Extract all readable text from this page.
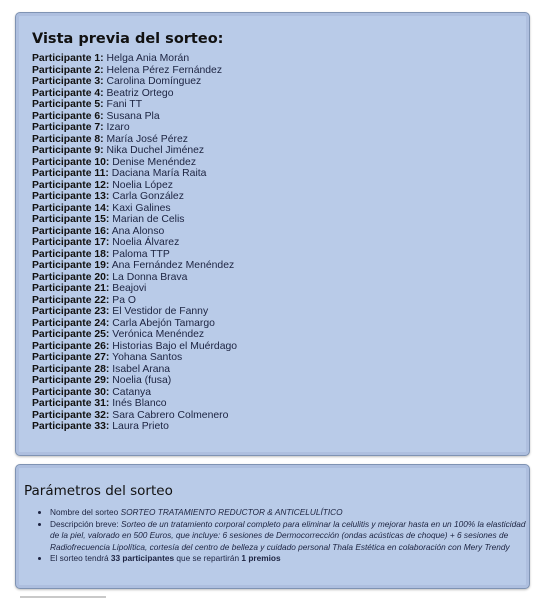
Vista previa del sorteo:
Participante 1: Helga Ania Morán
Participante 2: Helena Pérez Fernández
Participante 3: Carolina Domínguez
Participante 4: Beatriz Ortego
Participante 5: Fani TT
Participante 6: Susana Pla
Participante 7: Izaro
Participante 8: María José Pérez
Participante 9: Nika Duchel Jiménez
Participante 10: Denise Menéndez
Participante 11: Daciana María Raita
Participante 12: Noelia López
Participante 13: Carla González
Participante 14: Kaxi Galines
Participante 15: Marian de Celis
Participante 16: Ana Alonso
Participante 17: Noelia Álvarez
Participante 18: Paloma TTP
Participante 19: Ana Fernández Menéndez
Participante 20: La Donna Brava
Participante 21: Beajovi
Participante 22: Pa O
Participante 23: El Vestidor de Fanny
Participante 24: Carla Abejón Tamargo
Participante 25: Verónica Menéndez
Participante 26: Historias Bajo el Muérdago
Participante 27: Yohana Santos
Participante 28: Isabel Arana
Participante 29: Noelia (fusa)
Participante 30: Catanya
Participante 31: Inés Blanco
Participante 32: Sara Cabrero Colmenero
Participante 33: Laura Prieto
Parámetros del sorteo
• Nombre del sorteo SORTEO TRATAMIENTO REDUCTOR & ANTICELULÍTICO
• Descripción breve: Sorteo de un tratamiento corporal completo para eliminar la celulitis y mejorar hasta en un 100% la elasticidad de la piel, valorado en 500 Euros, que incluye: 6 sesiones de Dermocorrección (ondas acústicas de choque) + 6 sesiones de Radiofrecuencia Lipolítica, cortesía del centro de belleza y cuidado personal Thala Estética en colaboración con Mery Trendy
• El sorteo tendrá 33 participantes que se repartirán 1 premios
